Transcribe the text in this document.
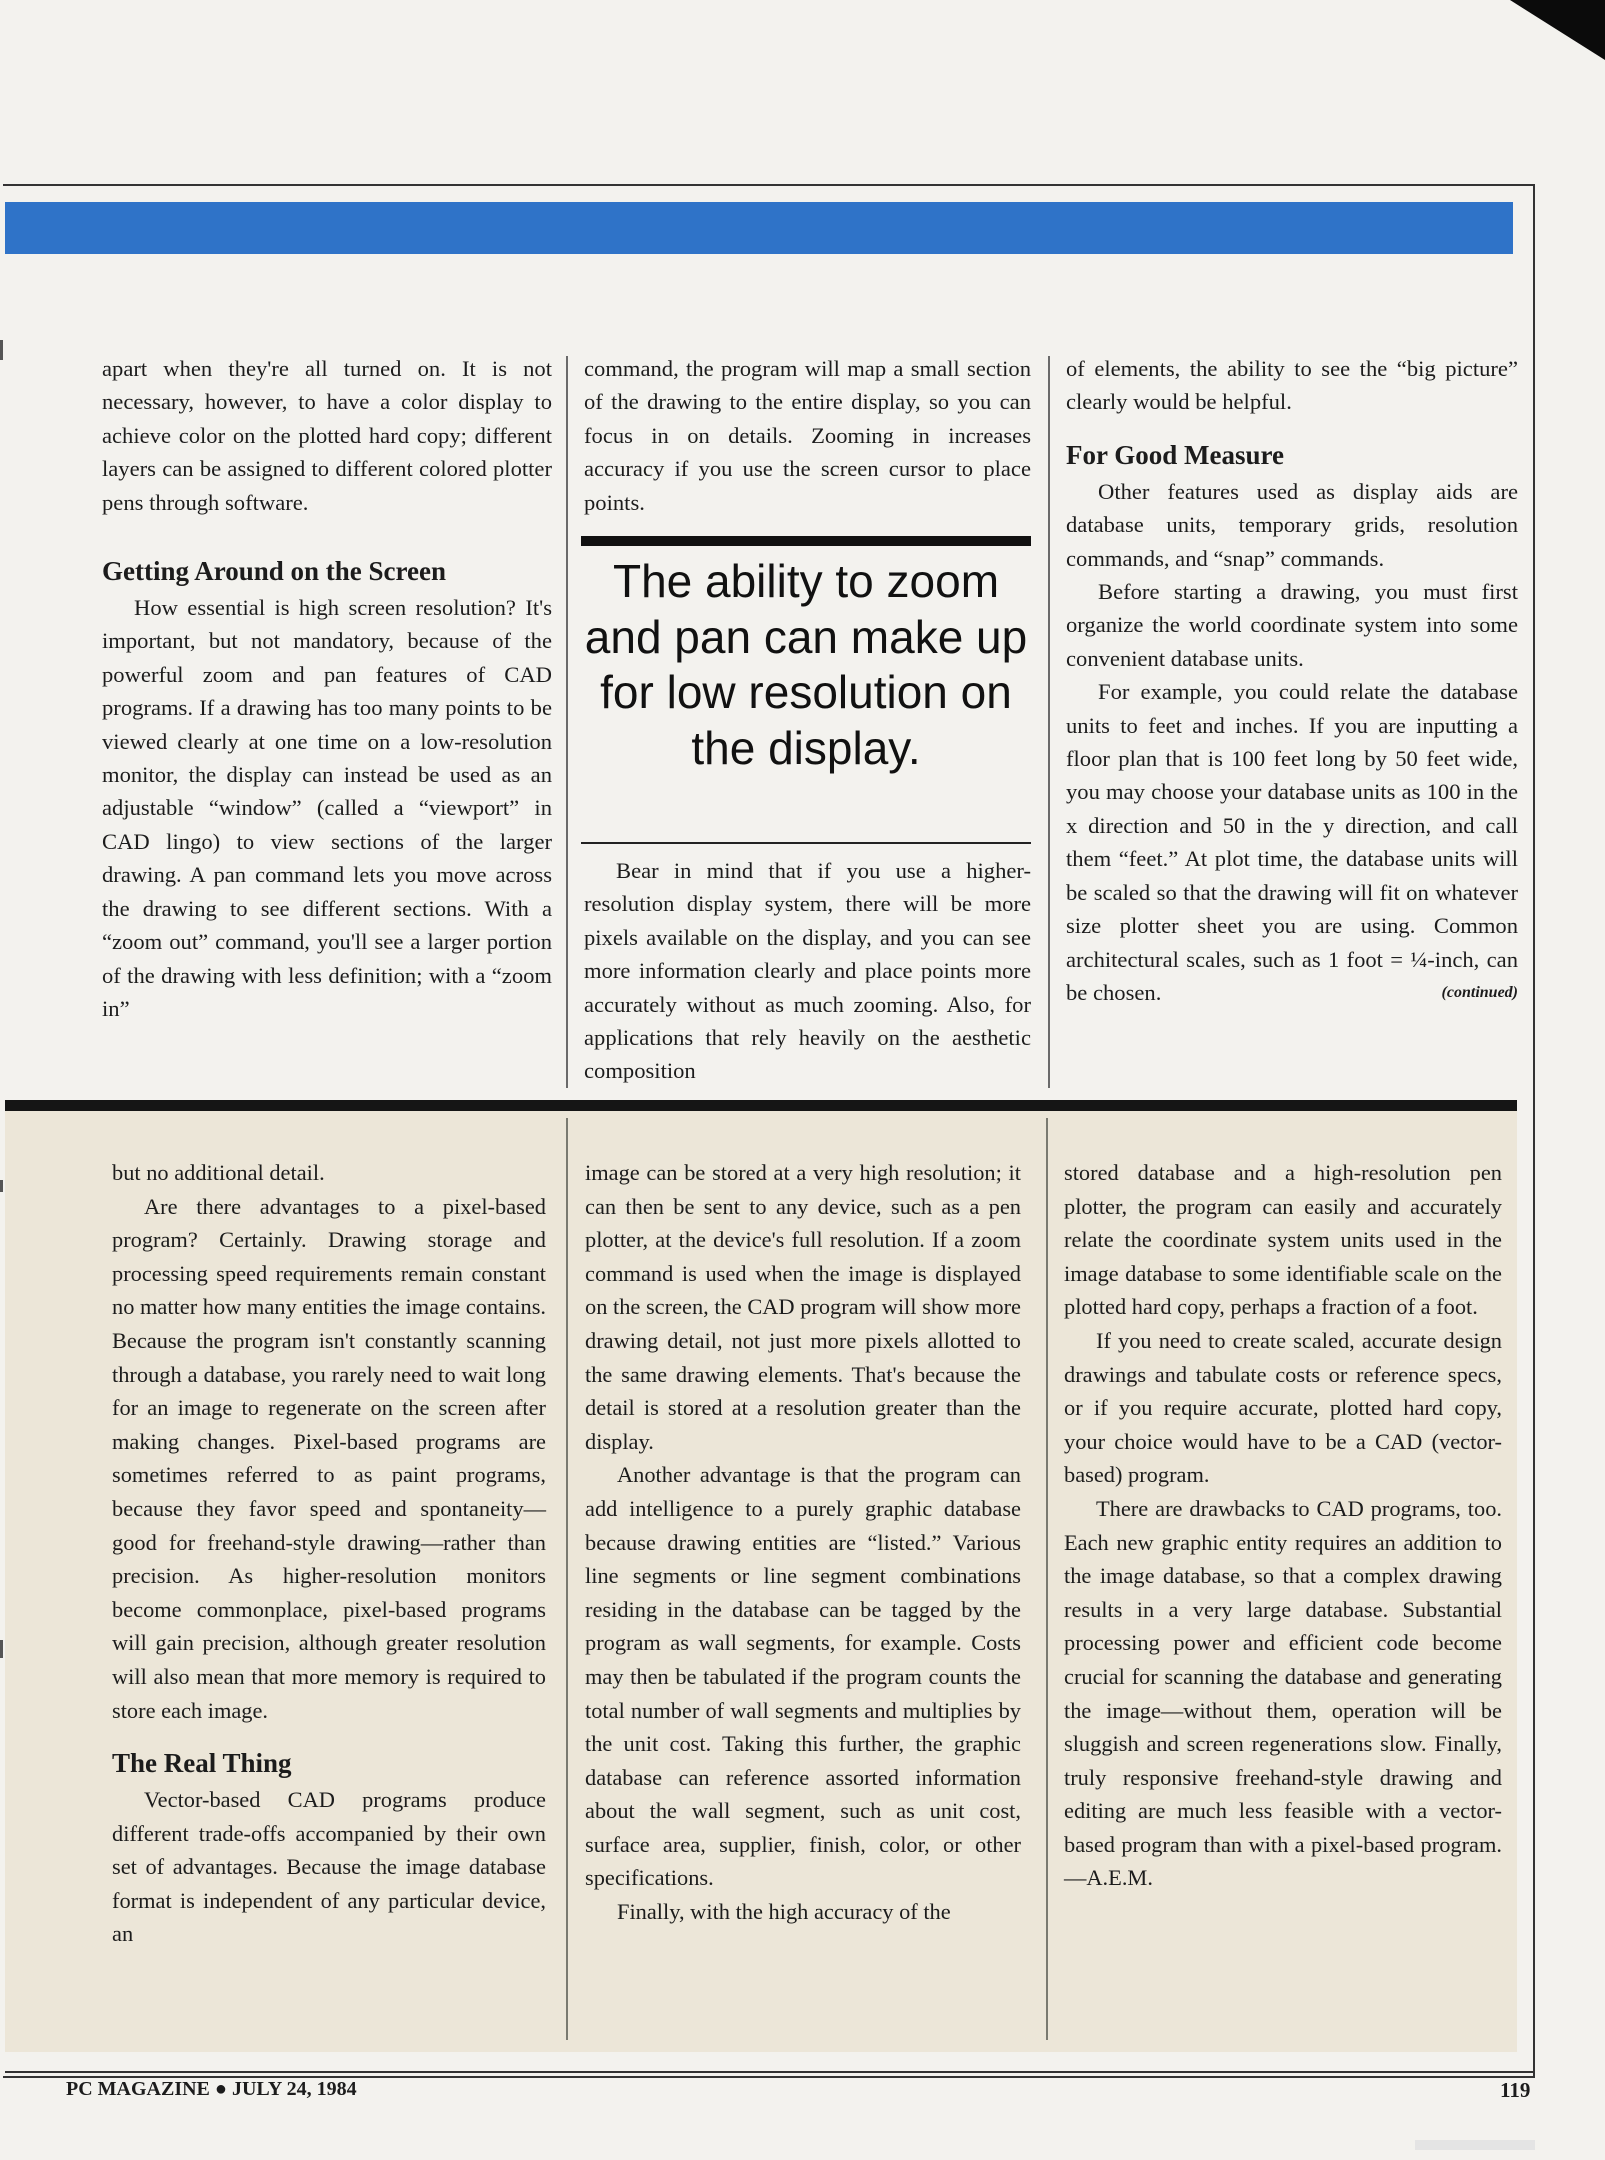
apart when they're all turned on. It is not necessary, however, to have a color display to achieve color on the plotted hard copy; different layers can be assigned to different colored plotter pens through software.

Getting Around on the Screen

How essential is high screen resolution? It's important, but not mandatory, because of the powerful zoom and pan features of CAD programs. If a drawing has too many points to be viewed clearly at one time on a low-resolution monitor, the display can instead be used as an adjustable “window” (called a “viewport” in CAD lingo) to view sections of the larger drawing. A pan command lets you move across the drawing to see different sections. With a “zoom out” command, you'll see a larger portion of the drawing with less definition; with a “zoom in”

command, the program will map a small section of the drawing to the entire display, so you can focus in on details. Zooming in increases accuracy if you use the screen cursor to place points.

The ability to zoom and pan can make up for low resolution on the display.

Bear in mind that if you use a higher-resolution display system, there will be more pixels available on the display, and you can see more information clearly and place points more accurately without as much zooming. Also, for applications that rely heavily on the aesthetic composition

of elements, the ability to see the “big picture” clearly would be helpful.

For Good Measure

Other features used as display aids are database units, temporary grids, resolution commands, and “snap” commands.

Before starting a drawing, you must first organize the world coordinate system into some convenient database units.

For example, you could relate the database units to feet and inches. If you are inputting a floor plan that is 100 feet long by 50 feet wide, you may choose your database units as 100 in the x direction and 50 in the y direction, and call them “feet.” At plot time, the database units will be scaled so that the drawing will fit on whatever size plotter sheet you are using. Common architectural scales, such as 1 foot = ¼-inch, can be chosen.	(continued)

but no additional detail.

Are there advantages to a pixel-based program? Certainly. Drawing storage and processing speed requirements remain constant no matter how many entities the image contains. Because the program isn't constantly scanning through a database, you rarely need to wait long for an image to regenerate on the screen after making changes. Pixel-based programs are sometimes referred to as paint programs, because they favor speed and spontaneity—good for freehand-style drawing—rather than precision. As higher-resolution monitors become commonplace, pixel-based programs will gain precision, although greater resolution will also mean that more memory is required to store each image.

The Real Thing

Vector-based CAD programs produce different trade-offs accompanied by their own set of advantages. Because the image database format is independent of any particular device, an

image can be stored at a very high resolution; it can then be sent to any device, such as a pen plotter, at the device's full resolution. If a zoom command is used when the image is displayed on the screen, the CAD program will show more drawing detail, not just more pixels allotted to the same drawing elements. That's because the detail is stored at a resolution greater than the display.

Another advantage is that the program can add intelligence to a purely graphic database because drawing entities are “listed.” Various line segments or line segment combinations residing in the database can be tagged by the program as wall segments, for example. Costs may then be tabulated if the program counts the total number of wall segments and multiplies by the unit cost. Taking this further, the graphic database can reference assorted information about the wall segment, such as unit cost, surface area, supplier, finish, color, or other specifications.

Finally, with the high accuracy of the

stored database and a high-resolution pen plotter, the program can easily and accurately relate the coordinate system units used in the image database to some identifiable scale on the plotted hard copy, perhaps a fraction of a foot.

If you need to create scaled, accurate design drawings and tabulate costs or reference specs, or if you require accurate, plotted hard copy, your choice would have to be a CAD (vector-based) program.

There are drawbacks to CAD programs, too. Each new graphic entity requires an addition to the image database, so that a complex drawing results in a very large database. Substantial processing power and efficient code become crucial for scanning the database and generating the image—without them, operation will be sluggish and screen regenerations slow. Finally, truly responsive freehand-style drawing and editing are much less feasible with a vector-based program than with a pixel-based program. —A.E.M.

PC MAGAZINE ● JULY 24, 1984	119
